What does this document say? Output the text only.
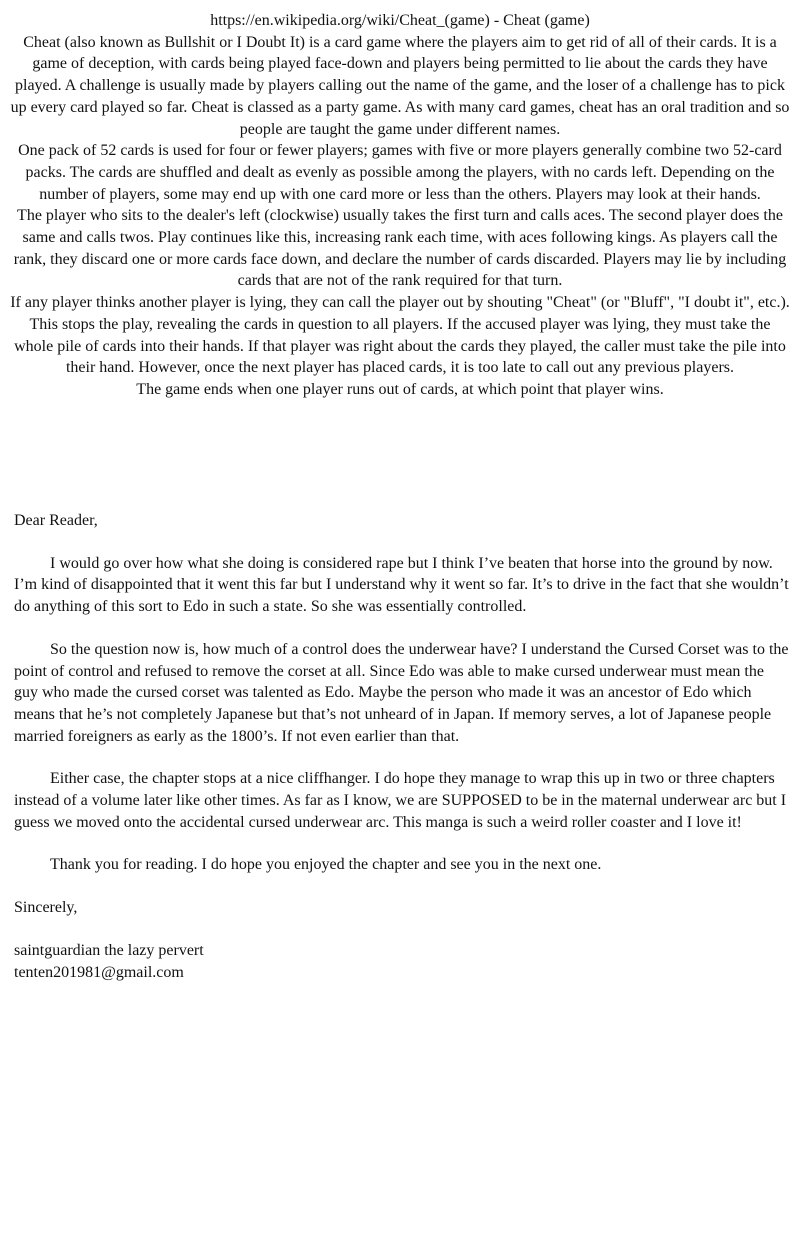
https://en.wikipedia.org/wiki/Cheat_(game) - Cheat (game)

Cheat (also known as Bullshit or I Doubt It) is a card game where the players aim to get rid of all of their cards. It is a game of deception, with cards being played face-down and players being permitted to lie about the cards they have played. A challenge is usually made by players calling out the name of the game, and the loser of a challenge has to pick up every card played so far. Cheat is classed as a party game. As with many card games, cheat has an oral tradition and so people are taught the game under different names.

One pack of 52 cards is used for four or fewer players; games with five or more players generally combine two 52-card packs. The cards are shuffled and dealt as evenly as possible among the players, with no cards left. Depending on the number of players, some may end up with one card more or less than the others. Players may look at their hands.

The player who sits to the dealer's left (clockwise) usually takes the first turn and calls aces. The second player does the same and calls twos. Play continues like this, increasing rank each time, with aces following kings. As players call the rank, they discard one or more cards face down, and declare the number of cards discarded. Players may lie by including cards that are not of the rank required for that turn.

If any player thinks another player is lying, they can call the player out by shouting "Cheat" (or "Bluff", "I doubt it", etc.). This stops the play, revealing the cards in question to all players. If the accused player was lying, they must take the whole pile of cards into their hands. If that player was right about the cards they played, the caller must take the pile into their hand. However, once the next player has placed cards, it is too late to call out any previous players.

The game ends when one player runs out of cards, at which point that player wins.

Dear Reader,

I would go over how what she doing is considered rape but I think I’ve beaten that horse into the ground by now. I’m kind of disappointed that it went this far but I understand why it went so far. It’s to drive in the fact that she wouldn’t do anything of this sort to Edo in such a state. So she was essentially controlled.

So the question now is, how much of a control does the underwear have? I understand the Cursed Corset was to the point of control and refused to remove the corset at all. Since Edo was able to make cursed underwear must mean the guy who made the cursed corset was talented as Edo. Maybe the person who made it was an ancestor of Edo which means that he’s not completely Japanese but that’s not unheard of in Japan. If memory serves, a lot of Japanese people married foreigners as early as the 1800’s. If not even earlier than that.

Either case, the chapter stops at a nice cliffhanger. I do hope they manage to wrap this up in two or three chapters instead of a volume later like other times. As far as I know, we are SUPPOSED to be in the maternal underwear arc but I guess we moved onto the accidental cursed underwear arc. This manga is such a weird roller coaster and I love it!

Thank you for reading. I do hope you enjoyed the chapter and see you in the next one.

Sincerely,

saintguardian the lazy pervert

tenten201981@gmail.com
